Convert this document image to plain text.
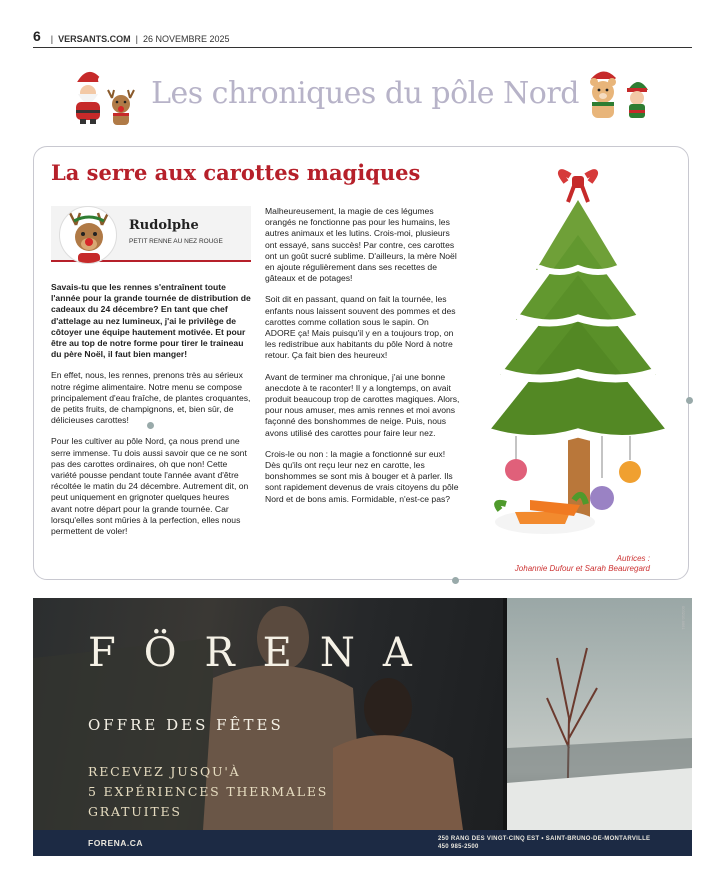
6 |  VERSANTS.COM  |  26 NOVEMBRE 2025
Les chroniques du pôle Nord
La serre aux carottes magiques
Rudolphe
PETIT RENNE AU NEZ ROUGE

Savais-tu que les rennes s'entraînent toute l'année pour la grande tournée de distribution de cadeaux du 24 décembre? En tant que chef d'attelage au nez lumineux, j'ai le privilège de côtoyer une équipe hautement motivée. Et pour être au top de notre forme pour tirer le traineau du père Noël, il faut bien manger!

En effet, nous, les rennes, prenons très au sérieux notre régime alimentaire. Notre menu se compose principalement d'eau fraîche, de plantes croquantes, de petits fruits, de champignons, et, bien sûr, de délicieuses carottes!

Pour les cultiver au pôle Nord, ça nous prend une serre immense. Tu dois aussi savoir que ce ne sont pas des carottes ordinaires, oh que non! Cette variété pousse pendant toute l'année avant d'être récoltée le matin du 24 décembre. Autrement dit, on peut uniquement en grignoter quelques heures avant notre départ pour la grande tournée. Car lorsqu'elles sont mûries à la perfection, elles nous permettent de voler!

Malheureusement, la magie de ces légumes orangés ne fonctionne pas pour les humains, les autres animaux et les lutins. Crois-moi, plusieurs ont essayé, sans succès! Par contre, ces carottes ont un goût sucré sublime. D'ailleurs, la mère Noël en ajoute régulièrement dans ses recettes de gâteaux et de potages!

Soit dit en passant, quand on fait la tournée, les enfants nous laissent souvent des pommes et des carottes comme collation sous le sapin. On ADORE ça! Mais puisqu'il y en a toujours trop, on les redistribue aux habitants du pôle Nord à notre retour. Ça fait bien des heureux!

Avant de terminer ma chronique, j'ai une bonne anecdote à te raconter! Il y a longtemps, on avait produit beaucoup trop de carottes magiques. Alors, pour nous amuser, mes amis rennes et moi avons façonné des bonshommes de neige. Puis, nous avons utilisé des carottes pour faire leur nez.

Crois-le ou non : la magie a fonctionné sur eux! Dès qu'ils ont reçu leur nez en carotte, les bonshommes se sont mis à bouger et à parler. Ils sont rapidement devenus de vrais citoyens du pôle Nord et de bons amis. Formidable, n'est-ce pas?

Autrices :
Johannie Dufour et Sarah Beauregard
FÖRENA
OFFRE DES FÊTES
RECEVEZ JUSQU'À
5 EXPÉRIENCES THERMALES
GRATUITES
FORENA.CA	250 RANG DES VINGT-CINQ EST • SAINT-BRUNO-DE-MONTARVILLE
450 985-2500
003210-6661
